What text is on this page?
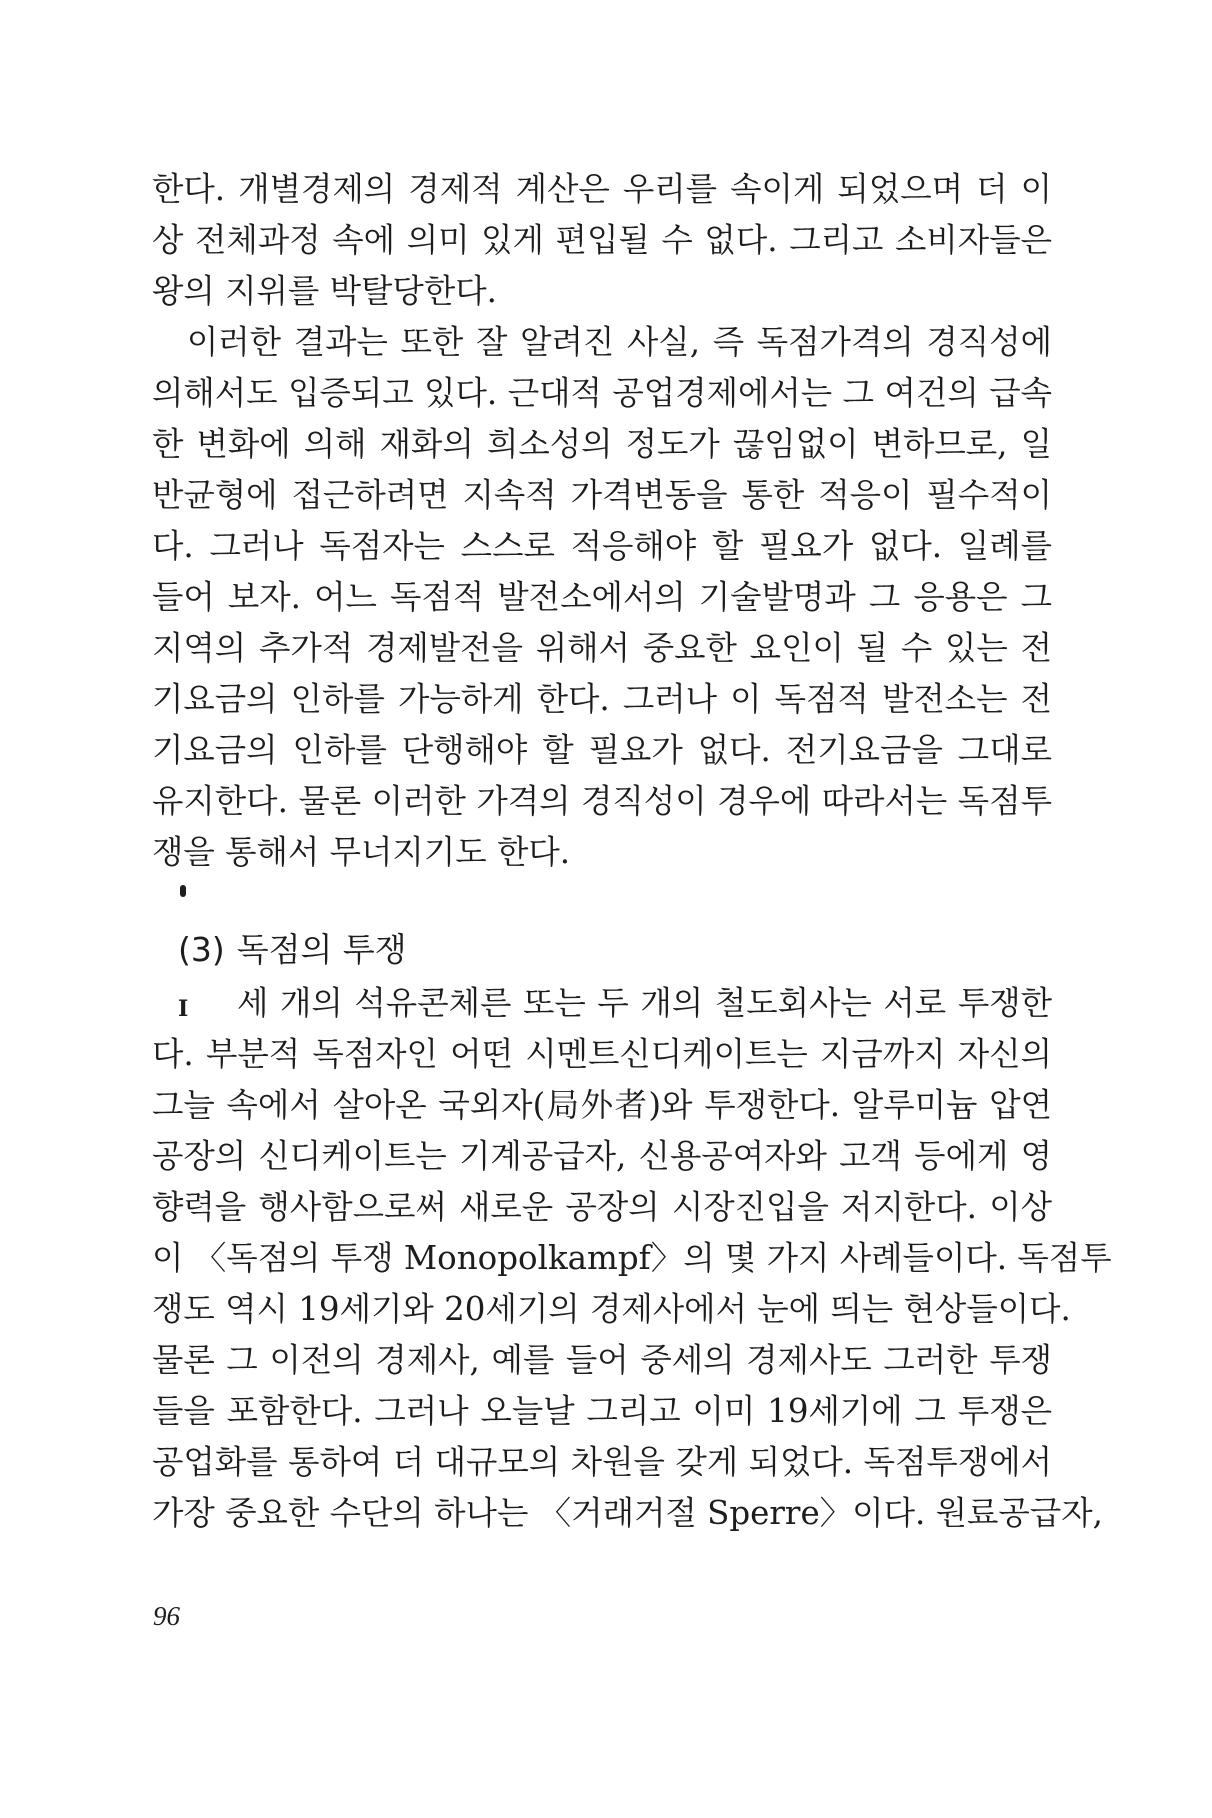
한다. 개별경제의 경제적 계산은 우리를 속이게 되었으며 더 이
상 전체과정 속에 의미 있게 편입될 수 없다. 그리고 소비자들은
왕의 지위를 박탈당한다.
　이러한 결과는 또한 잘 알려진 사실, 즉 독점가격의 경직성에
의해서도 입증되고 있다. 근대적 공업경제에서는 그 여건의 급속
한 변화에 의해 재화의 희소성의 정도가 끊임없이 변하므로, 일
반균형에 접근하려면 지속적 가격변동을 통한 적응이 필수적이
다. 그러나 독점자는 스스로 적응해야 할 필요가 없다. 일례를
들어 보자. 어느 독점적 발전소에서의 기술발명과 그 응용은 그
지역의 추가적 경제발전을 위해서 중요한 요인이 될 수 있는 전
기요금의 인하를 가능하게 한다. 그러나 이 독점적 발전소는 전
기요금의 인하를 단행해야 할 필요가 없다. 전기요금을 그대로
유지한다. 물론 이러한 가격의 경직성이 경우에 따라서는 독점투
쟁을 통해서 무너지기도 한다.
(3) 독점의 투쟁
I 세 개의 석유콘체른 또는 두 개의 철도회사는 서로 투쟁한
다. 부분적 독점자인 어떤 시멘트신디케이트는 지금까지 자신의
그늘 속에서 살아온 국외자(局外者)와 투쟁한다. 알루미늄 압연
공장의 신디케이트는 기계공급자, 신용공여자와 고객 등에게 영
향력을 행사함으로써 새로운 공장의 시장진입을 저지한다. 이상
이 〈독점의 투쟁 Monopolkampf〉의 몇 가지 사례들이다. 독점투
쟁도 역시 19세기와 20세기의 경제사에서 눈에 띄는 현상들이다.
물론 그 이전의 경제사, 예를 들어 중세의 경제사도 그러한 투쟁
들을 포함한다. 그러나 오늘날 그리고 이미 19세기에 그 투쟁은
공업화를 통하여 더 대규모의 차원을 갖게 되었다. 독점투쟁에서
가장 중요한 수단의 하나는 〈거래거절 Sperre〉이다. 원료공급자,
96
